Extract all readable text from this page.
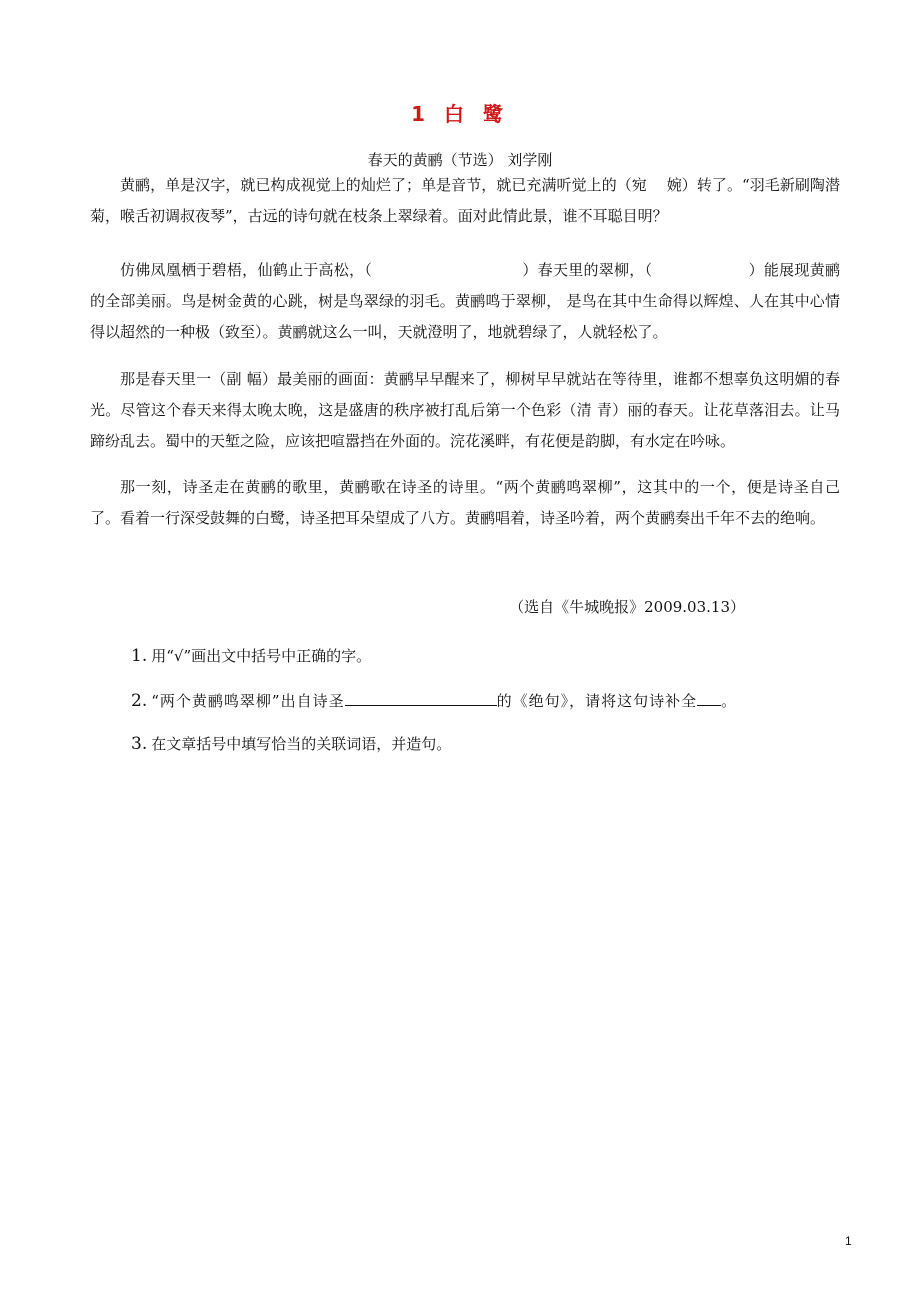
1 白 鹭
春天的黄鹂（节选） 刘学刚

黄鹂，单是汉字，就已构成视觉上的灿烂了；单是音节，就已充满听觉上的（宛　 婉）转了。“羽毛新刷陶潜菊，喉舌初调叔夜琴”，古远的诗句就在枝条上翠绿着。面对此情此景，谁不耳聪目明？

仿佛凤凰栖于碧梧，仙鹤止于高松，（	）春天里的翠柳，（	）能展现黄鹂的全部美丽。鸟是树金黄的心跳，树是鸟翠绿的羽毛。黄鹂鸣于翠柳， 是鸟在其中生命得以辉煌、人在其中心情得以超然的一种极（致至）。黄鹂就这么一叫，天就澄明了，地就碧绿了，人就轻松了。

那是春天里一（副 幅）最美丽的画面：黄鹂早早醒来了，柳树早早就站在等待里，谁都不想辜负这明媚的春光。尽管这个春天来得太晚太晚，这是盛唐的秩序被打乱后第一个色彩（清 青）丽的春天。让花草落泪去。让马蹄纷乱去。蜀中的天堑之险，应该把喧嚣挡在外面的。浣花溪畔，有花便是韵脚，有水定在吟咏。

那一刻，诗圣走在黄鹂的歌里，黄鹂歌在诗圣的诗里。“两个黄鹂鸣翠柳”，这其中的一个，便是诗圣自己了。看着一行深受鼓舞的白鹭，诗圣把耳朵望成了八方。黄鹂唱着，诗圣吟着，两个黄鹂奏出千年不去的绝响。

（选自《牛城晚报》2009.03.13）
1. 用“√”画出文中括号中正确的字。
2. “两个黄鹂鸣翠柳”出自诗圣	的《绝句》，请将这句诗补全 。
3. 在文章括号中填写恰当的关联词语，并造句。
1
